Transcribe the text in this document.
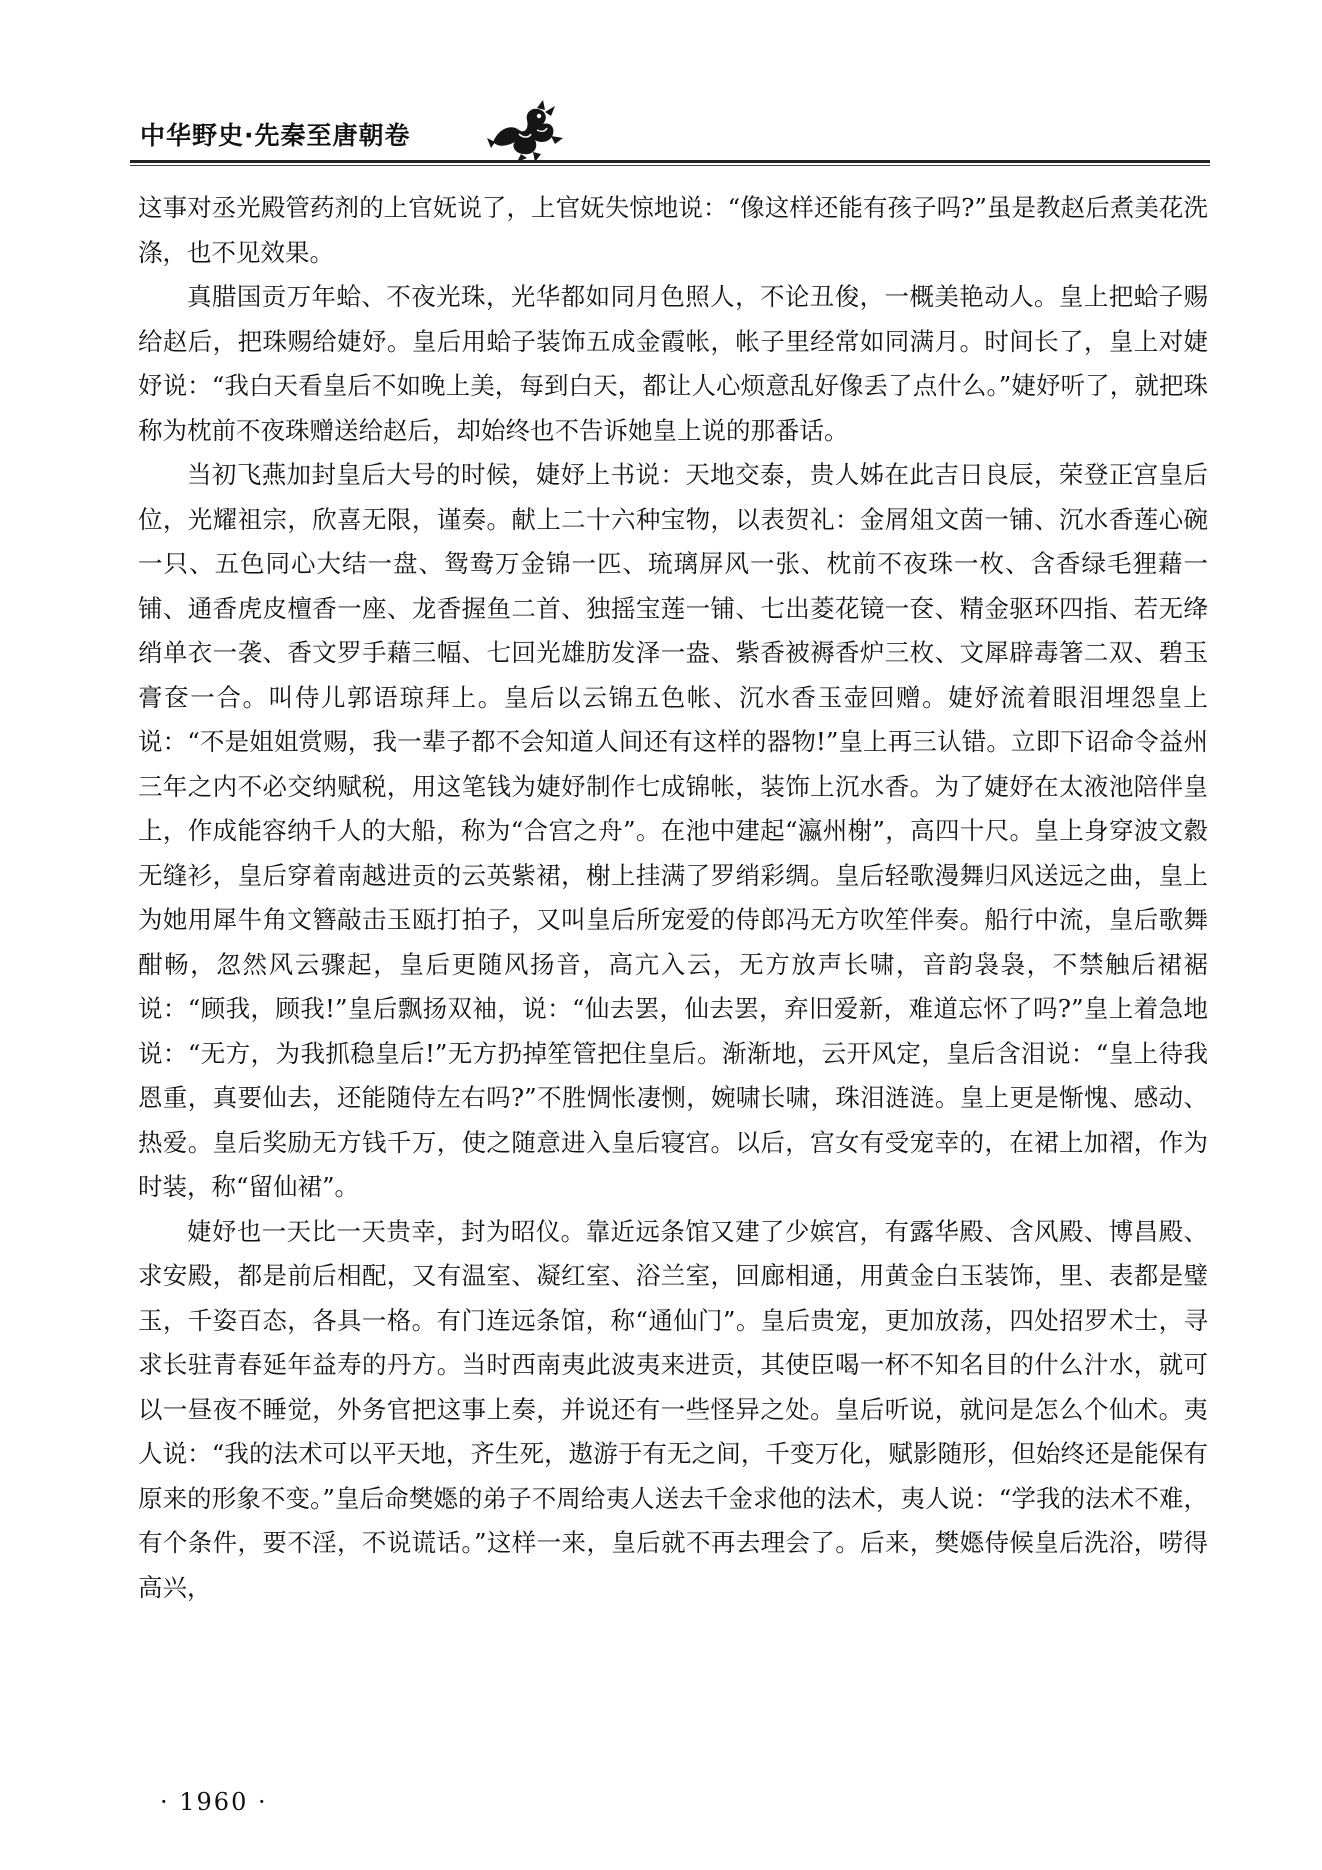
中华野史·先秦至唐朝卷

这事对丞光殿管药剂的上官妩说了，上官妩失惊地说：“像这样还能有孩子吗?”虽是教赵后煮美花洗涤，也不见效果。

真腊国贡万年蛤、不夜光珠，光华都如同月色照人，不论丑俊，一概美艳动人。皇上把蛤子赐给赵后，把珠赐给婕妤。皇后用蛤子装饰五成金霞帐，帐子里经常如同满月。时间长了，皇上对婕妤说：“我白天看皇后不如晚上美，每到白天，都让人心烦意乱好像丢了点什么。”婕妤听了，就把珠称为枕前不夜珠赠送给赵后，却始终也不告诉她皇上说的那番话。

当初飞燕加封皇后大号的时候，婕妤上书说：天地交泰，贵人姊在此吉日良辰，荣登正宫皇后位，光耀祖宗，欣喜无限，谨奏。献上二十六种宝物，以表贺礼：金屑俎文茵一铺、沉水香莲心碗一只、五色同心大结一盘、鸳鸯万金锦一匹、琉璃屏风一张、枕前不夜珠一枚、含香绿毛狸藉一铺、通香虎皮檀香一座、龙香握鱼二首、独摇宝莲一铺、七出菱花镜一奁、精金驱环四指、若无绛绡单衣一袭、香文罗手藉三幅、七回光雄肪发泽一盎、紫香被褥香炉三枚、文犀辟毒箸二双、碧玉膏奁一合。叫侍儿郭语琼拜上。皇后以云锦五色帐、沉水香玉壶回赠。婕妤流着眼泪埋怨皇上说：“不是姐姐赏赐，我一辈子都不会知道人间还有这样的器物!”皇上再三认错。立即下诏命令益州三年之内不必交纳赋税，用这笔钱为婕妤制作七成锦帐，装饰上沉水香。为了婕妤在太液池陪伴皇上，作成能容纳千人的大船，称为“合宫之舟”。在池中建起“瀛州榭”，高四十尺。皇上身穿波文縠无缝衫，皇后穿着南越进贡的云英紫裙，榭上挂满了罗绡彩绸。皇后轻歌漫舞归风送远之曲，皇上为她用犀牛角文簪敲击玉瓯打拍子，又叫皇后所宠爱的侍郎冯无方吹笙伴奏。船行中流，皇后歌舞酣畅，忽然风云骤起，皇后更随风扬音，高亢入云，无方放声长啸，音韵袅袅，不禁触后裙裾说：“顾我，顾我!”皇后飘扬双袖，说：“仙去罢，仙去罢，弃旧爱新，难道忘怀了吗?”皇上着急地说：“无方，为我抓稳皇后!”无方扔掉笙管把住皇后。渐渐地，云开风定，皇后含泪说：“皇上待我恩重，真要仙去，还能随侍左右吗?”不胜惆怅凄恻，婉啸长啸，珠泪涟涟。皇上更是惭愧、感动、热爱。皇后奖励无方钱千万，使之随意进入皇后寝宫。以后，宫女有受宠幸的，在裙上加褶，作为时装，称“留仙裙”。

婕妤也一天比一天贵幸，封为昭仪。靠近远条馆又建了少嫔宫，有露华殿、含风殿、博昌殿、求安殿，都是前后相配，又有温室、凝红室、浴兰室，回廊相通，用黄金白玉装饰，里、表都是璧玉，千姿百态，各具一格。有门连远条馆，称“通仙门”。皇后贵宠，更加放荡，四处招罗术士，寻求长驻青春延年益寿的丹方。当时西南夷此波夷来进贡，其使臣喝一杯不知名目的什么汁水，就可以一昼夜不睡觉，外务官把这事上奏，并说还有一些怪异之处。皇后听说，就问是怎么个仙术。夷人说：“我的法术可以平天地，齐生死，遨游于有无之间，千变万化，赋影随形，但始终还是能保有原来的形象不变。”皇后命樊嫕的弟子不周给夷人送去千金求他的法术，夷人说：“学我的法术不难，有个条件，要不淫，不说谎话。”这样一来，皇后就不再去理会了。后来，樊嫕侍候皇后洗浴，唠得高兴，

· 1960 ·
